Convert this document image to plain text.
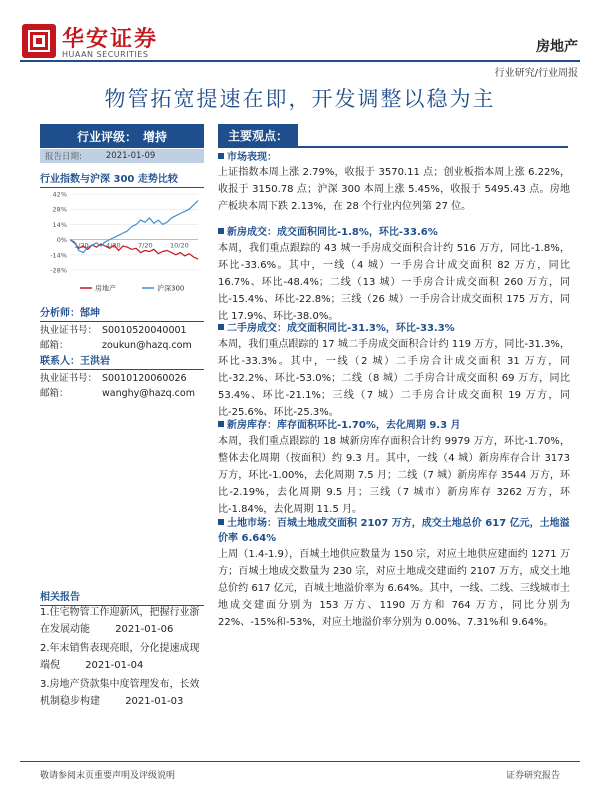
华安证券
HUAAN SECURITIES	房地产
行业研究/行业周报
物管拓宽提速在即，开发调整以稳为主
行业评级： 增持
报告日期:	2021-01-09
行业指数与沪深 300 走势比较
42%
28%
14%
0%
-14%
-28%
1/20	4/20	7/20	10/20
房地产	沪深300
分析师：郜坤
执业证书号： S0010520040001
邮箱：	zoukun@hazq.com
联系人：王洪岩
执业证书号： S0010120060026
邮箱：	wanghy@hazq.com
相关报告
1.住宅物管工作迎新风，把握行业浙在发展动能	2021-01-06
2.年末销售表现亮眼，分化提速成现端倪	2021-01-04
3.房地产贷款集中度管理发布，长效机制稳步构建	2021-01-03
主要观点：
市场表现：
上证指数本周上涨 2.79%，收报于 3570.11 点；创业板指本周上涨 6.22%，收报于 3150.78 点；沪深 300 本周上涨 5.45%，收报于 5495.43 点。房地产板块本周下跌 2.13%，在 28 个行业内位列第 27 位。
新房成交：成交面积同比-1.8%，环比-33.6%
本周，我们重点跟踪的 43 城一手房成交面积合计约 516 万方，同比-1.8%，环比-33.6%。其中，一线（4 城）一手房合计成交面积 82 万方，同比 16.7%、环比-48.4%；二线（13 城）一手房合计成交面积 260 万方，同比-15.4%、环比-22.8%；三线（26 城）一手房合计成交面积 175 万方，同比 17.9%、环比-38.0%。
二手房成交：成交面积同比-31.3%，环比-33.3%
本周，我们重点跟踪的 17 城二手房成交面积合计约 119 万方，同比-31.3%，环比-33.3%。其中，一线（2 城）二手房合计成交面积 31 万方，同比-32.2%、环比-53.0%；二线（8 城）二手房合计成交面积 69 万方，同比 53.4%、环比-21.1%；三线（7 城）二手房合计成交面积 19 万方，同比-25.6%、环比-25.3%。
新房库存：库存面积环比-1.70%，去化周期 9.3 月
本周，我们重点跟踪的 18 城新房库存面积合计约 9979 万方，环比-1.70%，整体去化周期（按面积）约 9.3 月。其中，一线（4 城）新房库存合计 3173 万方，环比-1.00%，去化周期 7.5 月；二线（7 城）新房库存 3544 万方，环比-2.19%，去化周期 9.5 月；三线（7 城市）新房库存 3262 万方，环比-1.84%，去化周期 11.5 月。
土地市场：百城土地成交面积 2107 万方，成交土地总价 617 亿元，土地溢价率 6.64%
上周（1.4-1.9），百城土地供应数量为 150 宗，对应土地供应建面约 1271 万方；百城土地成交数量为 230 宗，对应土地成交建面约 2107 万方，成交土地总价约 617 亿元，百城土地溢价率为 6.64%。其中，一线、二线、三线城市土地成交建面分别为 153 万方、1190 万方和 764 万方，同比分别为 22%、-15%和-53%，对应土地溢价率分别为 0.00%、7.31%和 9.64%。
敬请参阅末页重要声明及评级说明	证券研究报告
